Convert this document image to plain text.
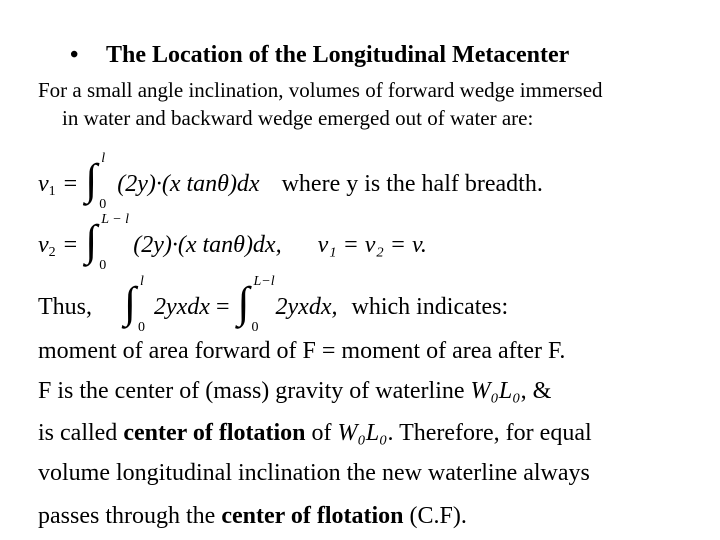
• The Location of the Longitudinal Metacenter
For a small angle inclination, volumes of forward wedge immersed
in water and backward wedge emerged out of water are:
v 1 = ∫ l
0
(2y)·(x tanθ)dx where y is the half breadth.
v 2 = ∫ L − l
0
(2y)·(x tanθ)dx, v₁ = v₂ = v.
Thus, ∫ l
0
2yxdx = ∫ L−l
0
2yxdx, which indicates:
moment of area forward of F = moment of area after F.
F is the center of (mass) gravity of waterline W₀L₀, &
is called center of flotation of W₀L₀. Therefore, for equal
volume longitudinal inclination the new waterline always
passes through the center of flotation (C.F).
